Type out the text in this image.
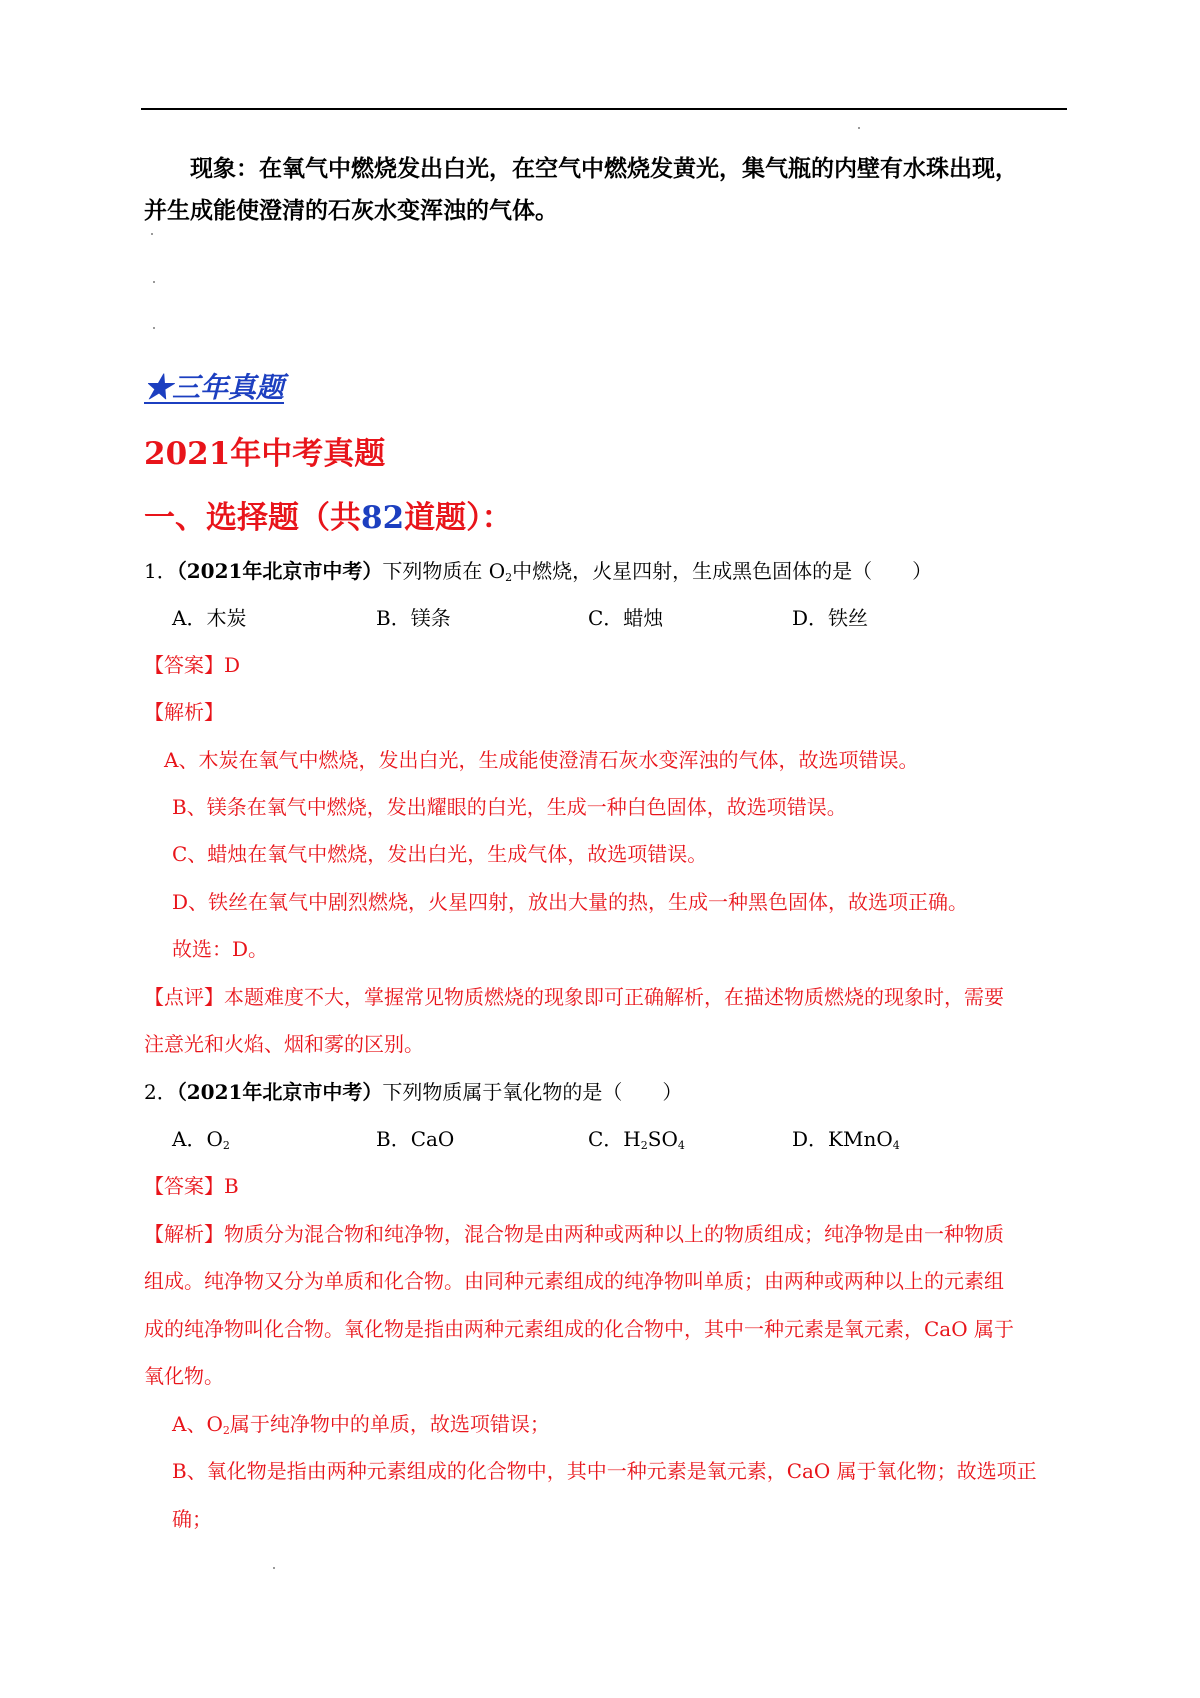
现象：在氧气中燃烧发出白光，在空气中燃烧发黄光，集气瓶的内壁有水珠出现，
并生成能使澄清的石灰水变浑浊的气体。
★三年真题
2021年中考真题
一、选择题（共82道题）：
1．（2021年北京市中考）下列物质在 $O_2$中燃烧，火星四射，生成黑色固体的是（　　）
A．木炭	B．镁条	C．蜡烛	D．铁丝
【答案】D
【解析】
A、木炭在氧气中燃烧，发出白光，生成能使澄清石灰水变浑浊的气体，故选项错误。
B、镁条在氧气中燃烧，发出耀眼的白光，生成一种白色固体，故选项错误。
C、蜡烛在氧气中燃烧，发出白光，生成气体，故选项错误。
D、铁丝在氧气中剧烈燃烧，火星四射，放出大量的热，生成一种黑色固体，故选项正确。
故选：D。
【点评】本题难度不大，掌握常见物质燃烧的现象即可正确解析，在描述物质燃烧的现象时，需要
注意光和火焰、烟和雾的区别。
2．（2021年北京市中考）下列物质属于氧化物的是（　　）
A．$O_2$	B．CaO	C．$H_2SO_4$	D．KMnO$_4$
【答案】B
【解析】物质分为混合物和纯净物，混合物是由两种或两种以上的物质组成；纯净物是由一种物质
组成。纯净物又分为单质和化合物。由同种元素组成的纯净物叫单质；由两种或两种以上的元素组
成的纯净物叫化合物。氧化物是指由两种元素组成的化合物中，其中一种元素是氧元素，CaO 属于
氧化物。
A、$O_2$属于纯净物中的单质，故选项错误；
B、氧化物是指由两种元素组成的化合物中，其中一种元素是氧元素，CaO 属于氧化物；故选项正
确；
